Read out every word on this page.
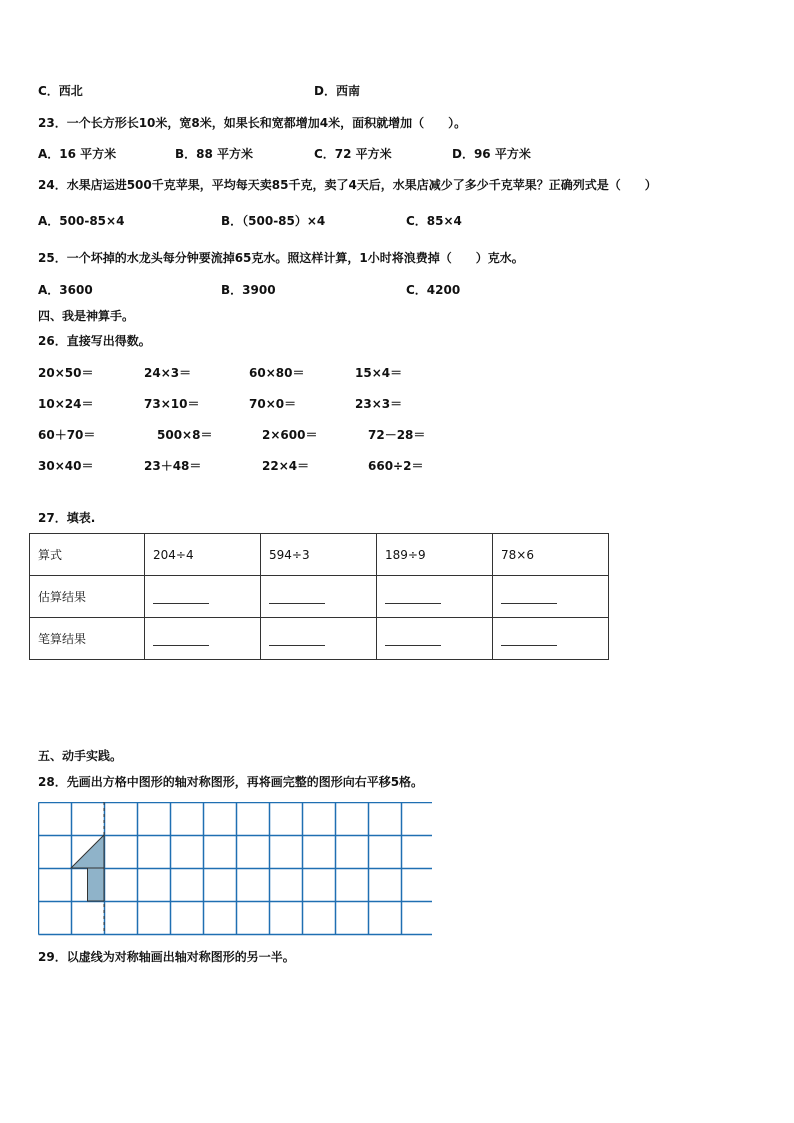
C．西北	D．西南
23．一个长方形长10米，宽8米，如果长和宽都增加4米，面积就增加（　　）。
A．16 平方米	B．88 平方米	C．72 平方米	D．96 平方米
24．水果店运进500千克苹果，平均每天卖85千克，卖了4天后，水果店减少了多少千克苹果？正确列式是（　　）
A．500-85×4	B．（500-85）×4	C．85×4
25．一个坏掉的水龙头每分钟要流掉65克水。照这样计算，1小时将浪费掉（　　）克水。
A．3600	B．3900	C．4200
四、我是神算手。
26．直接写出得数。
20×50＝	24×3＝	60×80＝	15×4＝
10×24＝	73×10＝	70×0＝	23×3＝
60＋70＝	500×8＝	2×600＝	72－28＝
30×40＝	23＋48＝	22×4＝	660÷2＝
27．填表.
算式	204÷4	594÷3	189÷9	78×6
估算结果				
笔算结果				
五、动手实践。
28．先画出方格中图形的轴对称图形，再将画完整的图形向右平移5格。
29．以虚线为对称轴画出轴对称图形的另一半。
